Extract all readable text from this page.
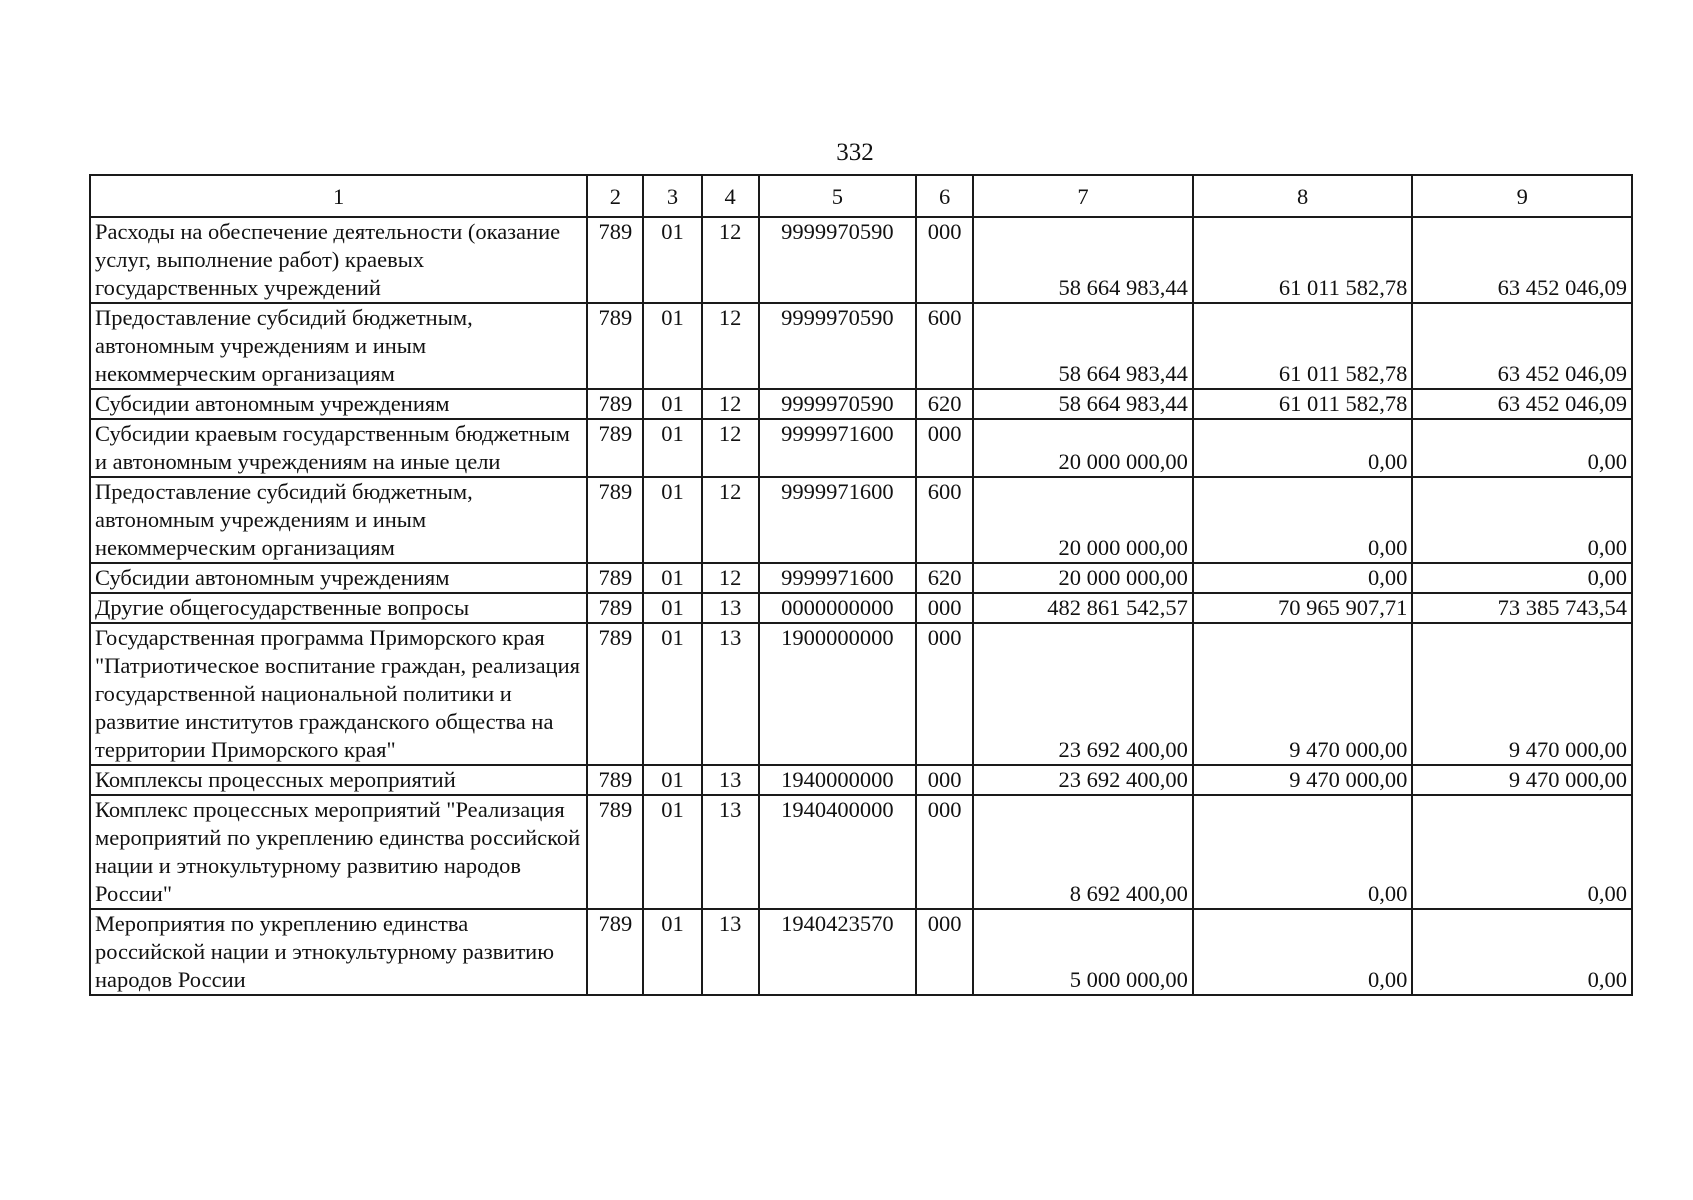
332
1	2	3	4	5	6	7	8	9
Расходы на обеспечение деятельности (оказание услуг, выполнение работ) краевых государственных учреждений	789	01	12	9999970590	000	58 664 983,44	61 011 582,78	63 452 046,09
Предоставление субсидий бюджетным, автономным учреждениям и иным некоммерческим организациям	789	01	12	9999970590	600	58 664 983,44	61 011 582,78	63 452 046,09
Субсидии автономным учреждениям	789	01	12	9999970590	620	58 664 983,44	61 011 582,78	63 452 046,09
Субсидии краевым государственным бюджетным и автономным учреждениям на иные цели	789	01	12	9999971600	000	20 000 000,00	0,00	0,00
Предоставление субсидий бюджетным, автономным учреждениям и иным некоммерческим организациям	789	01	12	9999971600	600	20 000 000,00	0,00	0,00
Субсидии автономным учреждениям	789	01	12	9999971600	620	20 000 000,00	0,00	0,00
Другие общегосударственные вопросы	789	01	13	0000000000	000	482 861 542,57	70 965 907,71	73 385 743,54
Государственная программа Приморского края "Патриотическое воспитание граждан, реализация государственной национальной политики и развитие институтов гражданского общества на территории Приморского края"	789	01	13	1900000000	000	23 692 400,00	9 470 000,00	9 470 000,00
Комплексы процессных мероприятий	789	01	13	1940000000	000	23 692 400,00	9 470 000,00	9 470 000,00
Комплекс процессных мероприятий "Реализация мероприятий по укреплению единства российской нации и этнокультурному развитию народов России"	789	01	13	1940400000	000	8 692 400,00	0,00	0,00
Мероприятия по укреплению единства российской нации и этнокультурному развитию народов России	789	01	13	1940423570	000	5 000 000,00	0,00	0,00
